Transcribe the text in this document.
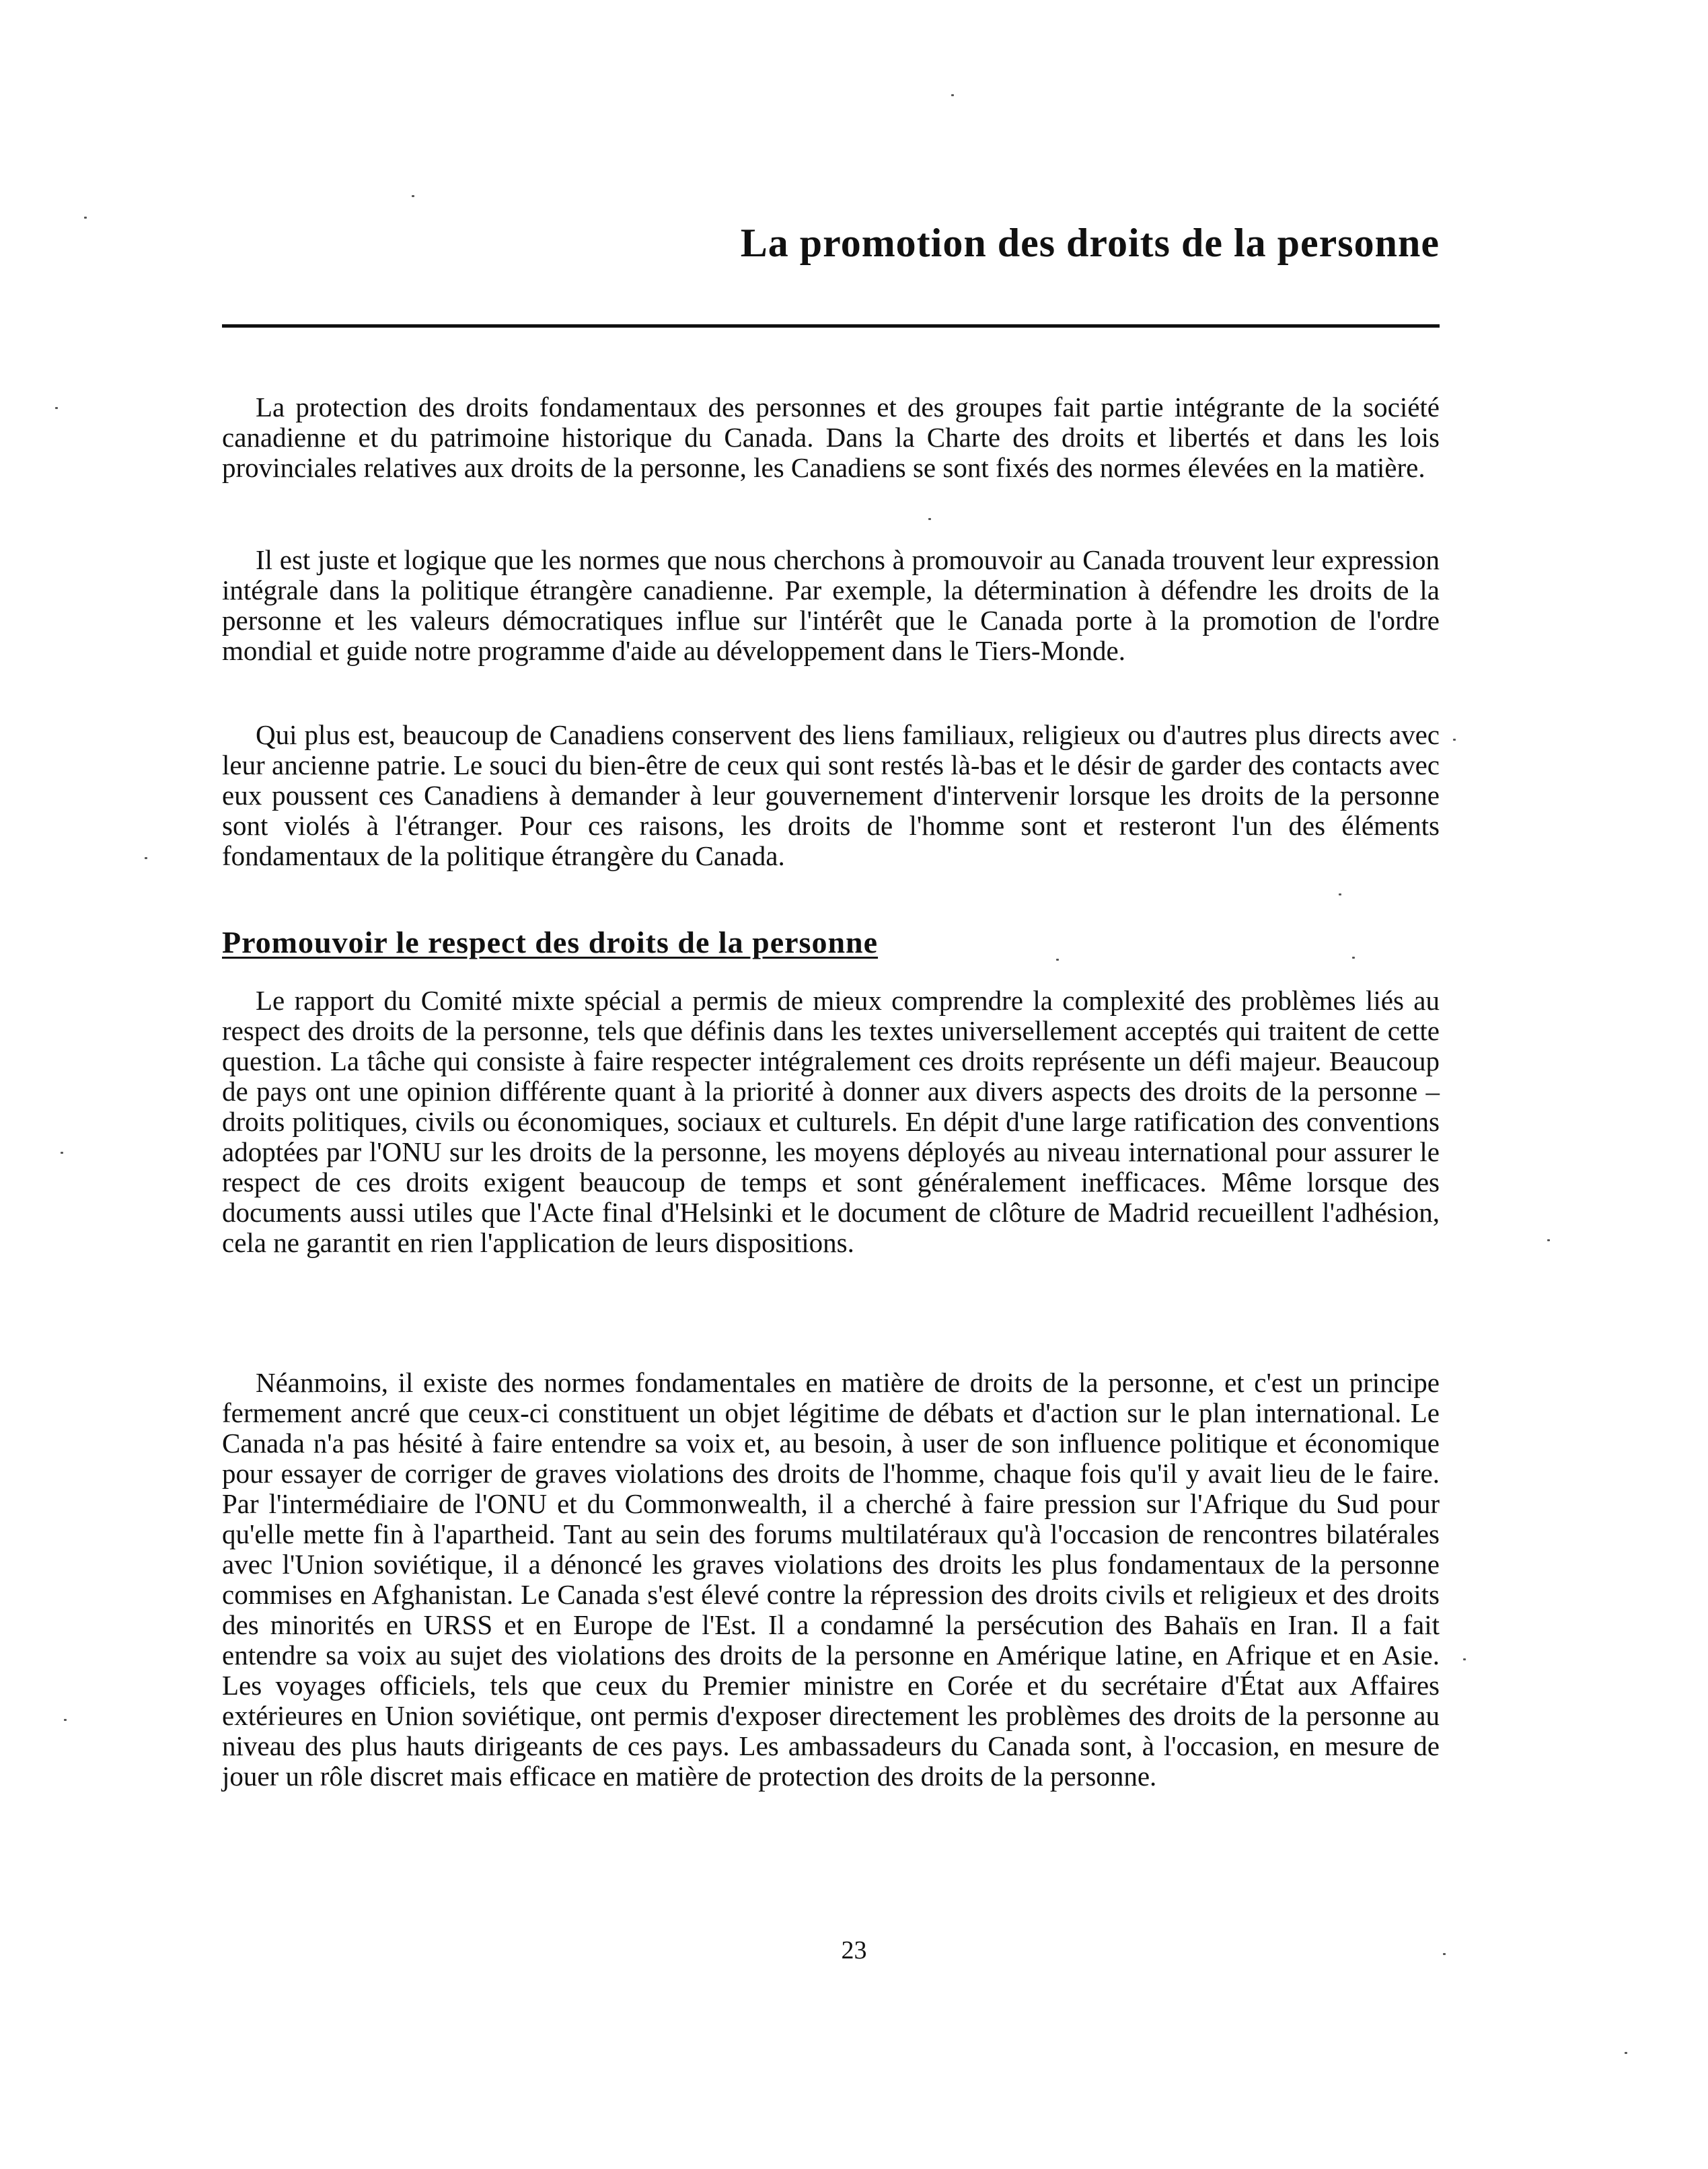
La promotion des droits de la personne

La protection des droits fondamentaux des personnes et des groupes fait partie intégrante de la société canadienne et du patrimoine historique du Canada. Dans la Charte des droits et libertés et dans les lois provinciales relatives aux droits de la personne, les Canadiens se sont fixés des normes élevées en la matière.

Il est juste et logique que les normes que nous cherchons à promouvoir au Canada trouvent leur expression intégrale dans la politique étrangère canadienne. Par exemple, la détermination à défendre les droits de la personne et les valeurs démocratiques influe sur l'intérêt que le Canada porte à la promotion de l'ordre mondial et guide notre programme d'aide au développement dans le Tiers-Monde.

Qui plus est, beaucoup de Canadiens conservent des liens familiaux, religieux ou d'autres plus directs avec leur ancienne patrie. Le souci du bien-être de ceux qui sont restés là-bas et le désir de garder des contacts avec eux poussent ces Canadiens à demander à leur gouvernement d'intervenir lorsque les droits de la personne sont violés à l'étranger. Pour ces raisons, les droits de l'homme sont et resteront l'un des éléments fondamentaux de la politique étrangère du Canada.

Promouvoir le respect des droits de la personne

Le rapport du Comité mixte spécial a permis de mieux comprendre la complexité des problèmes liés au respect des droits de la personne, tels que définis dans les textes universellement acceptés qui traitent de cette question. La tâche qui consiste à faire respecter intégralement ces droits représente un défi majeur. Beaucoup de pays ont une opinion différente quant à la priorité à donner aux divers aspects des droits de la personne – droits politiques, civils ou économiques, sociaux et culturels. En dépit d'une large ratification des conventions adoptées par l'ONU sur les droits de la personne, les moyens déployés au niveau international pour assurer le respect de ces droits exigent beaucoup de temps et sont généralement inefficaces. Même lorsque des documents aussi utiles que l'Acte final d'Helsinki et le document de clôture de Madrid recueillent l'adhésion, cela ne garantit en rien l'application de leurs dispositions.

Néanmoins, il existe des normes fondamentales en matière de droits de la personne, et c'est un principe fermement ancré que ceux-ci constituent un objet légitime de débats et d'action sur le plan international. Le Canada n'a pas hésité à faire entendre sa voix et, au besoin, à user de son influence politique et économique pour essayer de corriger de graves violations des droits de l'homme, chaque fois qu'il y avait lieu de le faire. Par l'intermédiaire de l'ONU et du Commonwealth, il a cherché à faire pression sur l'Afrique du Sud pour qu'elle mette fin à l'apartheid. Tant au sein des forums multilatéraux qu'à l'occasion de rencontres bilatérales avec l'Union soviétique, il a dénoncé les graves violations des droits les plus fondamentaux de la personne commises en Afghanistan. Le Canada s'est élevé contre la répression des droits civils et religieux et des droits des minorités en URSS et en Europe de l'Est. Il a condamné la persécution des Bahaïs en Iran. Il a fait entendre sa voix au sujet des violations des droits de la personne en Amérique latine, en Afrique et en Asie. Les voyages officiels, tels que ceux du Premier ministre en Corée et du secrétaire d'État aux Affaires extérieures en Union soviétique, ont permis d'exposer directement les problèmes des droits de la personne au niveau des plus hauts dirigeants de ces pays. Les ambassadeurs du Canada sont, à l'occasion, en mesure de jouer un rôle discret mais efficace en matière de protection des droits de la personne.

23
